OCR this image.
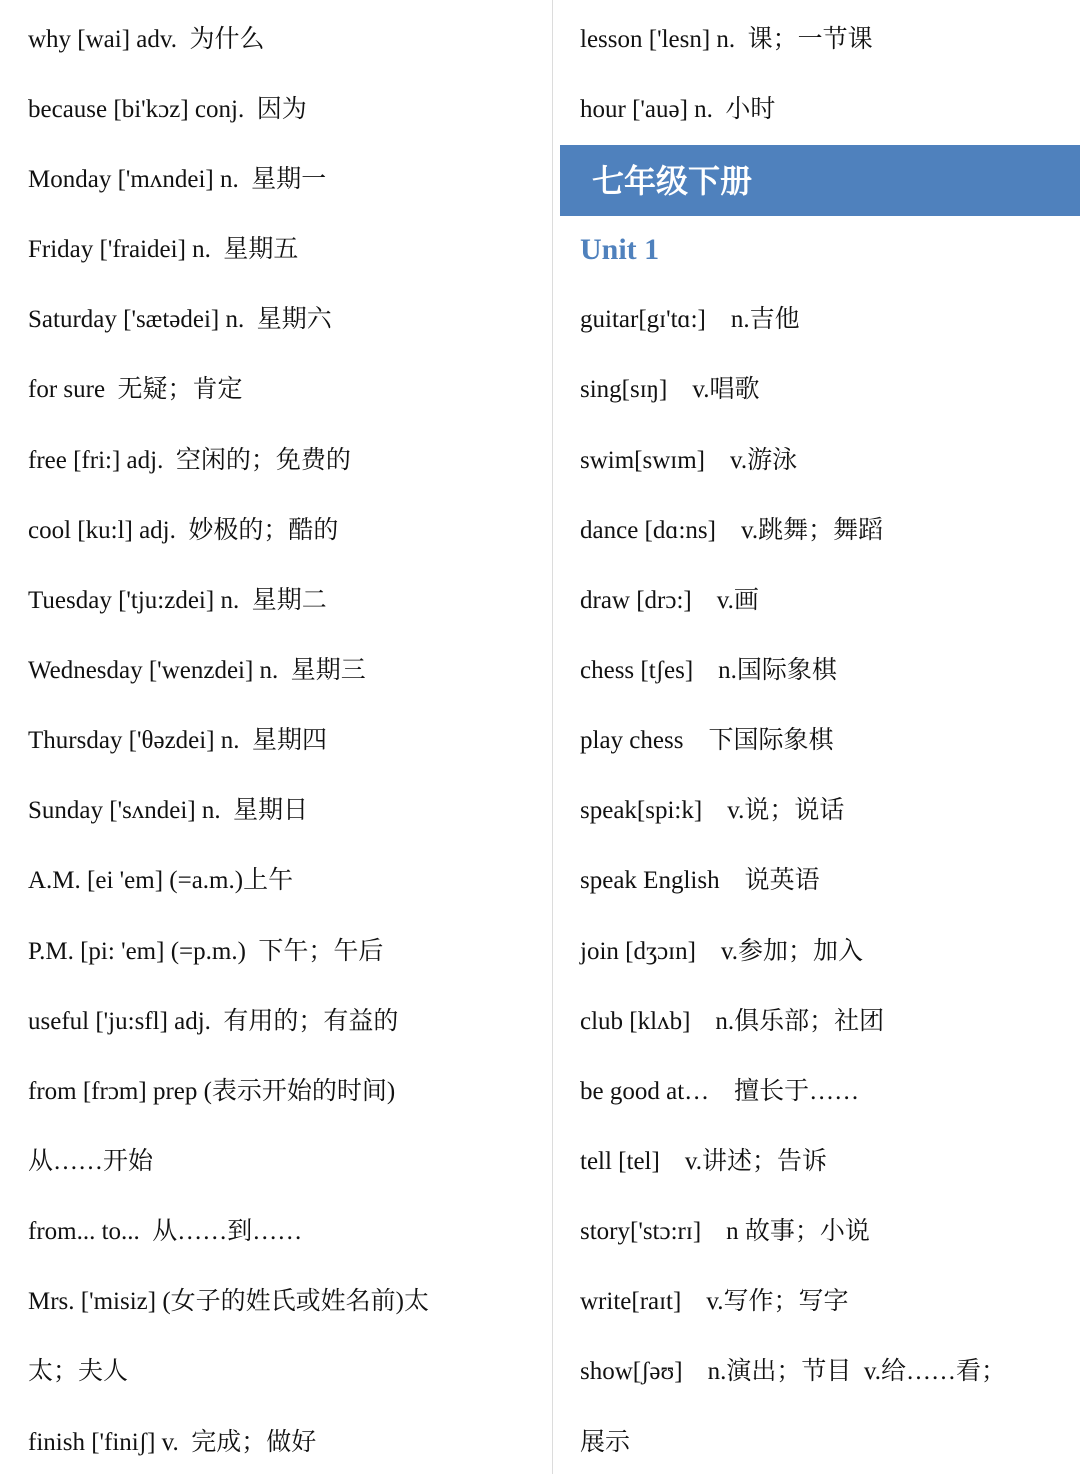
why [wai] adv.  为什么
because [bi'kɔz] conj.  因为
Monday ['mʌndei] n.  星期一
Friday ['fraidei] n.  星期五
Saturday ['sætədei] n.  星期六
for sure  无疑；肯定
free [fri:] adj.  空闲的；免费的
cool [ku:l] adj.  妙极的；酷的
Tuesday ['tju:zdei] n.  星期二
Wednesday ['wenzdei] n.  星期三
Thursday ['θəzdei] n.  星期四
Sunday ['sʌndei] n.  星期日
A.M. [ei 'em] (=a.m.)上午
P.M. [pi: 'em] (=p.m.)  下午；午后
useful ['ju:sfl] adj.  有用的；有益的
from [frɔm] prep (表示开始的时间)
从……开始
from... to...  从……到……
Mrs. ['misiz] (女子的姓氏或姓名前)太
太；夫人
finish ['finiʃ] v.  完成；做好
lesson ['lesn] n.  课；一节课
hour ['auə] n.  小时
七年级下册
Unit 1
guitar[gɪ'tɑ:]    n.吉他
sing[sɪŋ]    v.唱歌
swim[swɪm]    v.游泳
dance [dɑ:ns]    v.跳舞；舞蹈
draw [drɔ:]    v.画
chess [tʃes]    n.国际象棋
play chess    下国际象棋
speak[spi:k]    v.说；说话
speak English    说英语
join [dʒɔɪn]    v.参加；加入
club [klʌb]    n.俱乐部；社团
be good at…    擅长于……
tell [tel]    v.讲述；告诉
story['stɔ:rɪ]    n 故事；小说
write[raɪt]    v.写作；写字
show[ʃəʊ]    n.演出；节目  v.给……看；
展示
